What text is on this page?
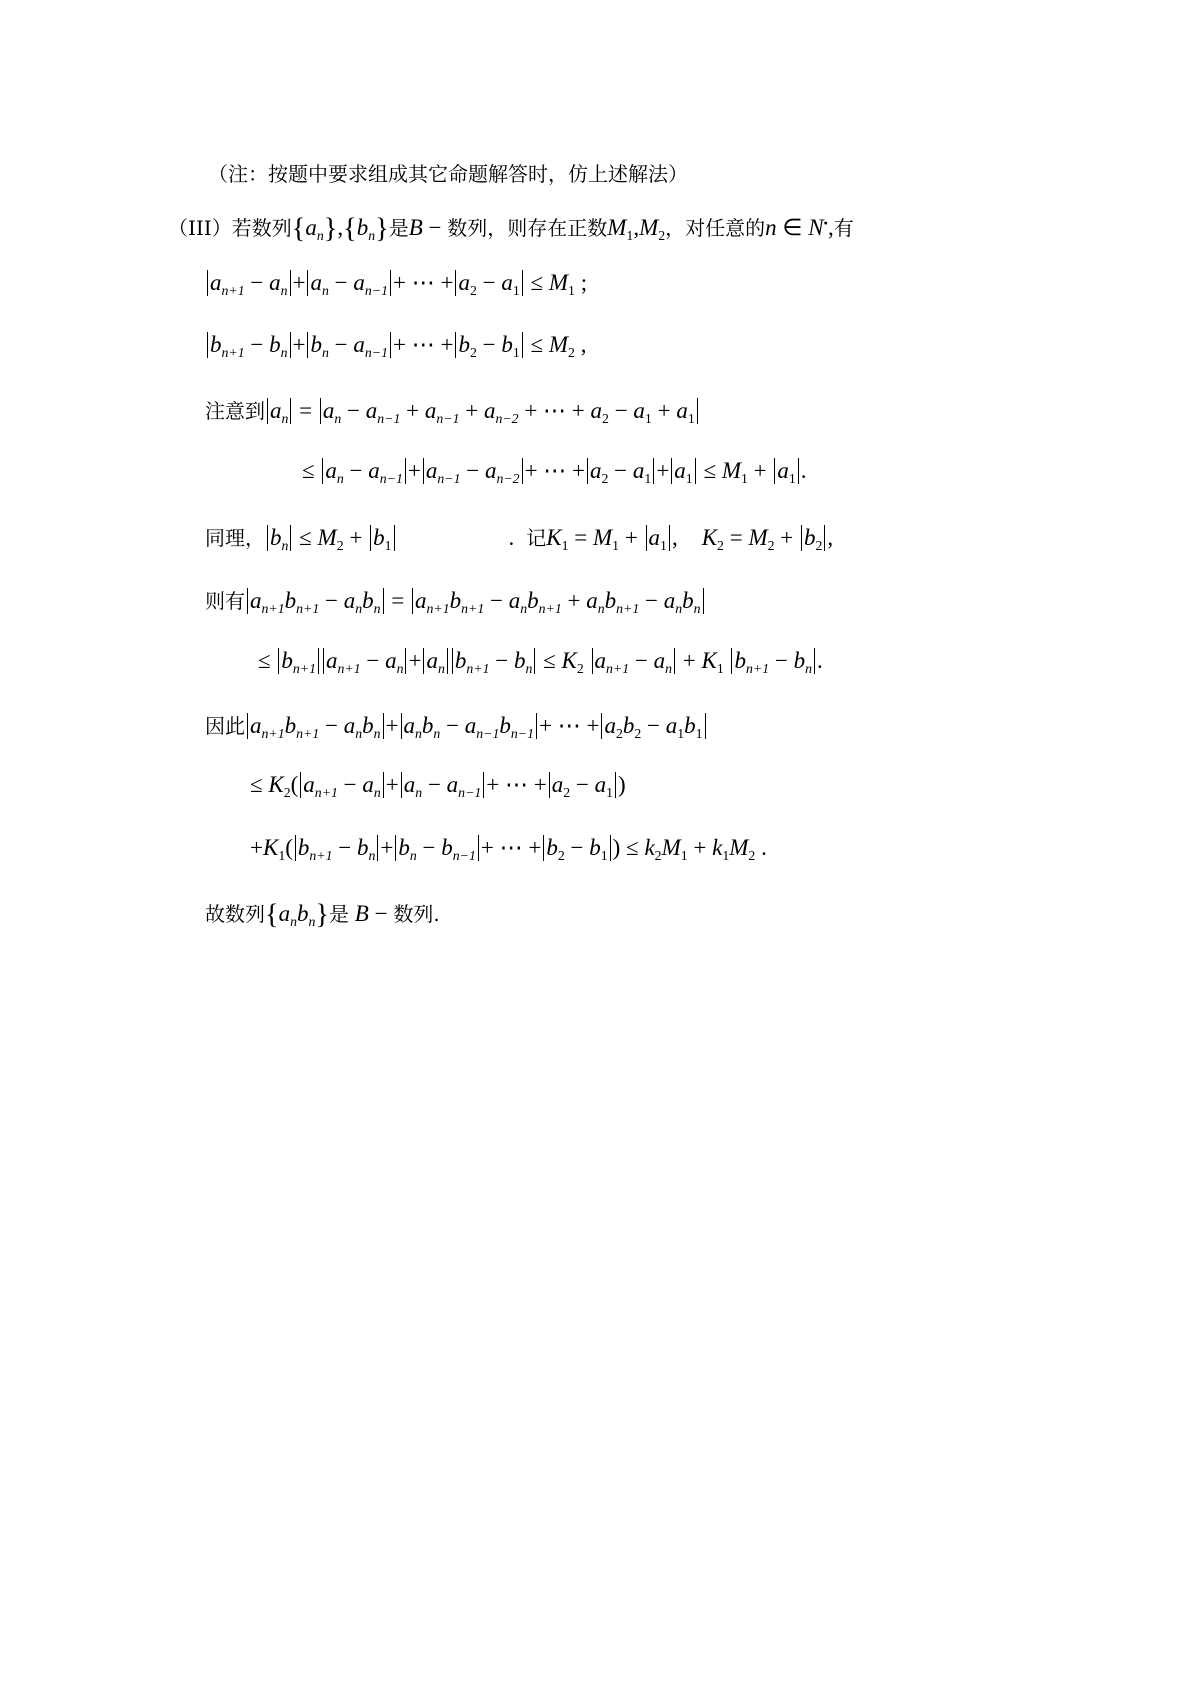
（注：按题中要求组成其它命题解答时，仿上述解法）
（III）若数列$\{a_n\},\{b_n\}$是B − 数列，则存在正数$M_1,M_2$，对任意的n ∈ N•,有
$a_{n+1} - a_n + a_n - a_{n-1}$ + ⋯ + $a_2 - a_1 \le M_1$ ;
$b_{n+1} - b_n + b_n - a_{n-1}$ + ⋯ + $b_2 - b_1 \le M_2$ ,
注意到 $a_n = a_n - a_{n-1} + a_{n-1} + a_{n-2}$ + ⋯ + $a_2 - a_1 + a_1$
≤ $a_n - a_{n-1} + a_{n-1} - a_{n-2}$ + ⋯ + $a_2 - a_1 + a_1 \le M_1 + a_1$ .
同理， $b_n \le M_2 + b_1$	. 记$K_1 = M_1 + a_1$ , $K_2 = M_2 + b_2$ ,
则有 $a_{n+1}b_{n+1} - a_nb_n = a_{n+1}b_{n+1} - a_nb_{n+1} + a_nb_{n+1} - a_nb_n$
≤ $b_{n+1}$ $a_{n+1} - a_n + a_n$ $b_{n+1} - b_n \le K_2$ $a_{n+1} - a_n + K_1$ $b_{n+1} - b_n$ .
因此 $a_{n+1}b_{n+1} - a_nb_n + a_nb_n - a_{n-1}b_{n-1}$ + ⋯ + $a_2b_2 - a_1b_1$
≤ $K_2$( $a_{n+1} - a_n + a_n - a_{n-1}$ + ⋯ + $a_2 - a_1$ )
$+K_1$( $b_{n+1} - b_n + b_n - b_{n-1}$ + ⋯ + $b_2 - b_1$ ) ≤ $k_2M_1 + k_1M_2$ .
故数列$\{a_nb_n\}$是 B − 数列.
